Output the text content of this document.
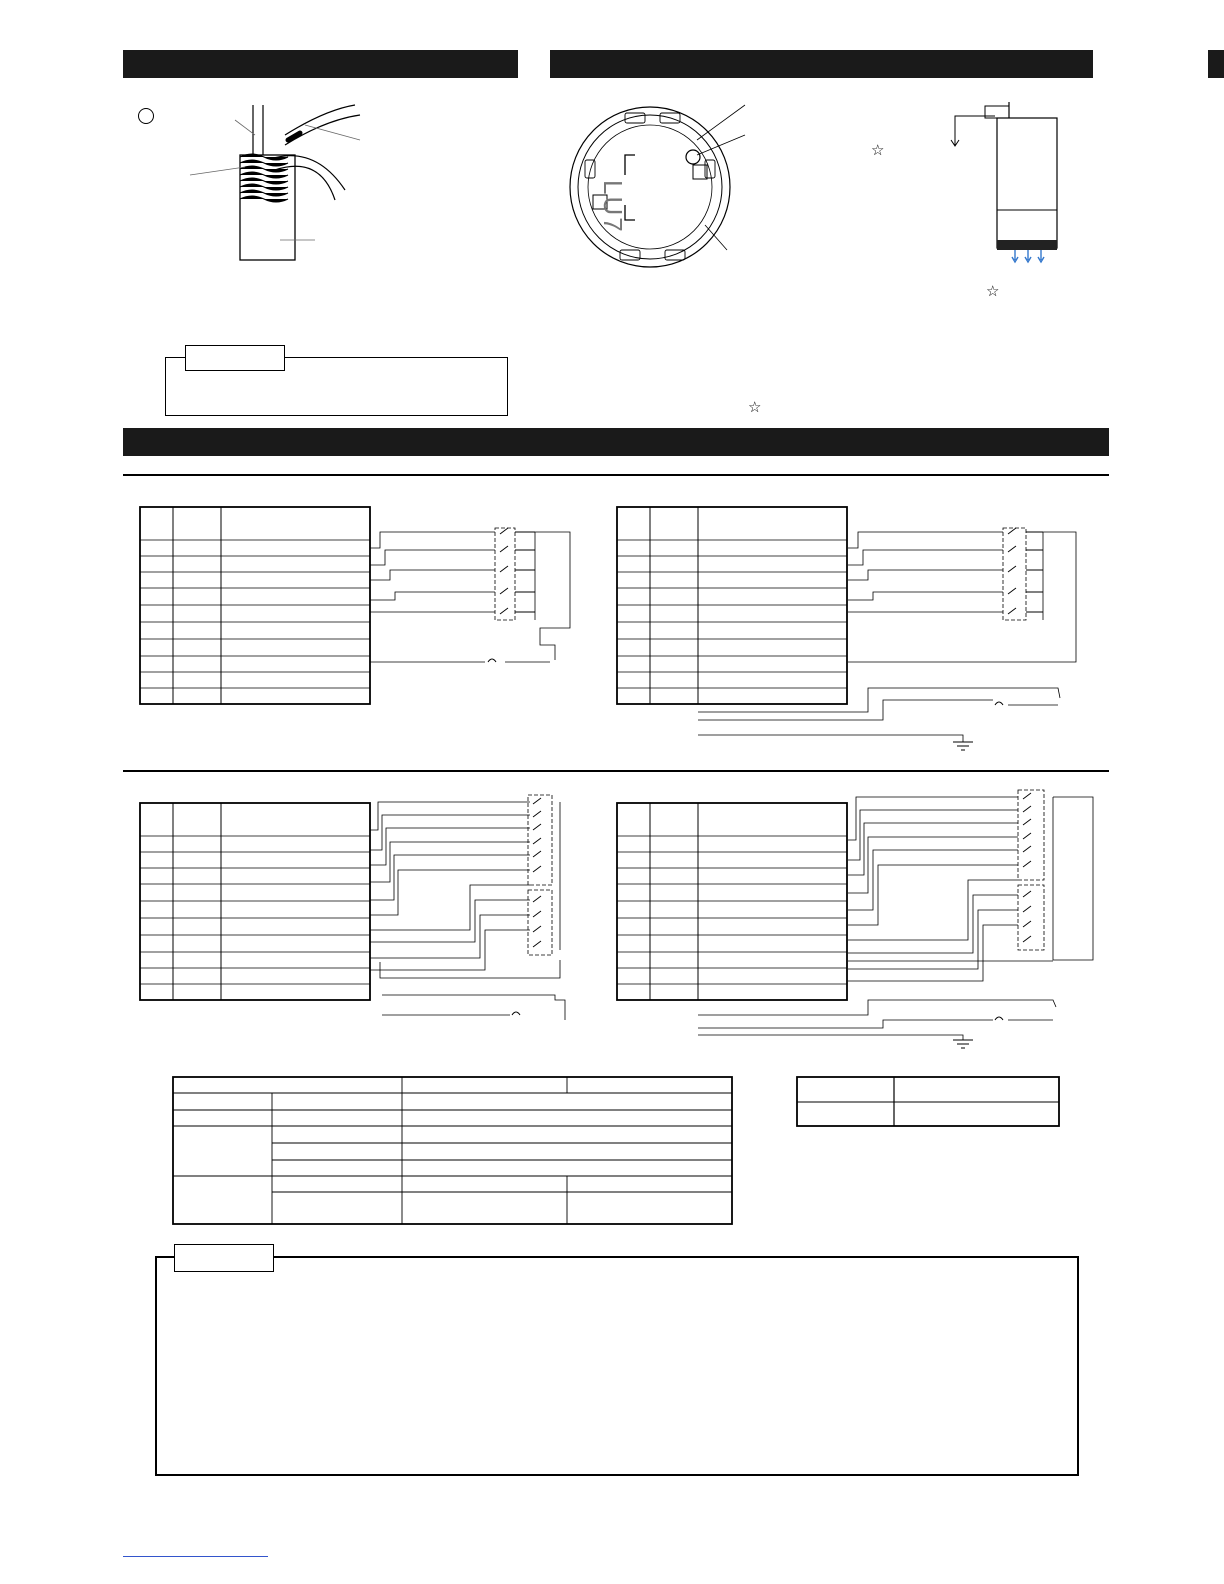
LU7
☆
☆
☆
